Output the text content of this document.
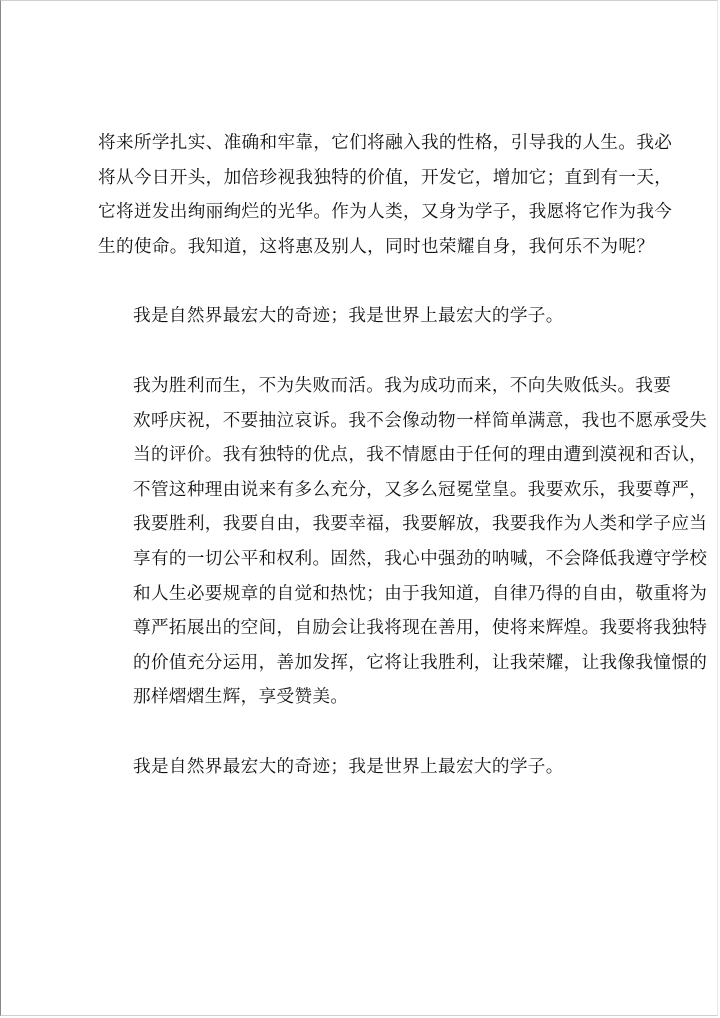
将来所学扎实、准确和牢靠，它们将融入我的性格，引导我的人生。我必
将从今日开头，加倍珍视我独特的价值，开发它，增加它；直到有一天，
它将迸发出绚丽绚烂的光华。作为人类，又身为学子，我愿将它作为我今
生的使命。我知道，这将惠及别人，同时也荣耀自身，我何乐不为呢？

我是自然界最宏大的奇迹；我是世界上最宏大的学子。

我为胜利而生，不为失败而活。我为成功而来，不向失败低头。我要
欢呼庆祝，不要抽泣哀诉。我不会像动物一样简单满意，我也不愿承受失
当的评价。我有独特的优点，我不情愿由于任何的理由遭到漠视和否认，
不管这种理由说来有多么充分，又多么冠冕堂皇。我要欢乐，我要尊严，
我要胜利，我要自由，我要幸福，我要解放，我要我作为人类和学子应当
享有的一切公平和权利。固然，我心中强劲的呐喊，不会降低我遵守学校
和人生必要规章的自觉和热忱；由于我知道，自律乃得的自由，敬重将为
尊严拓展出的空间，自励会让我将现在善用，使将来辉煌。我要将我独特
的价值充分运用，善加发挥，它将让我胜利，让我荣耀，让我像我憧憬的
那样熠熠生辉，享受赞美。

我是自然界最宏大的奇迹；我是世界上最宏大的学子。
